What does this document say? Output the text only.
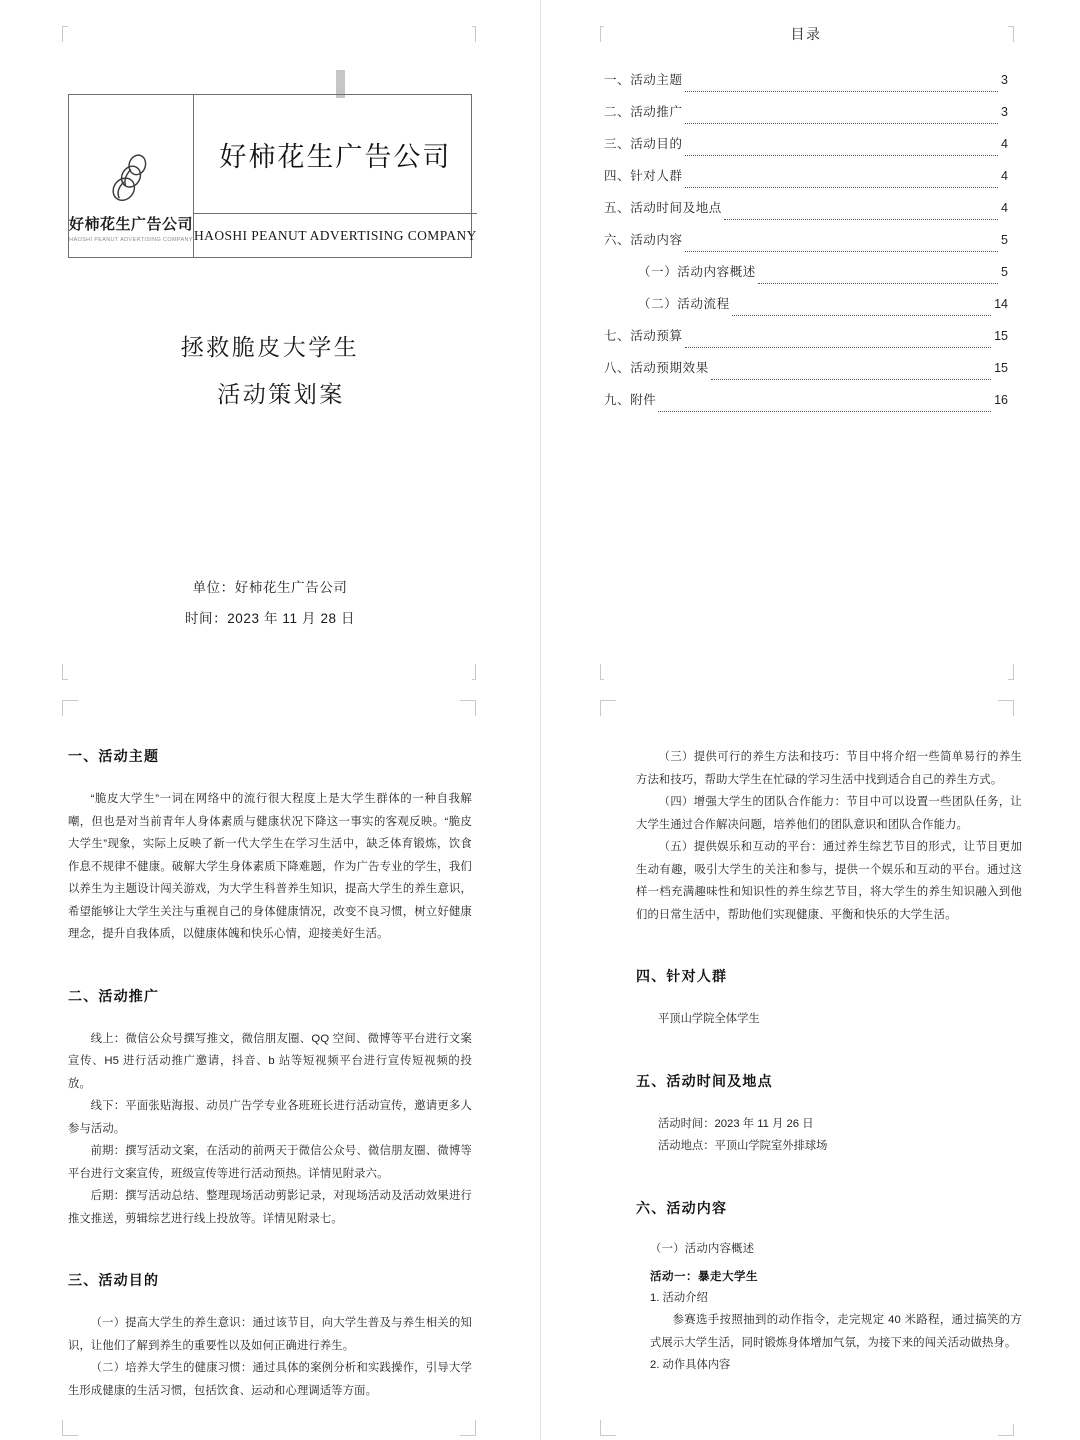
好柿花生广告公司
HAOSHI PEANUT ADVERTISING COMPANY
好柿花生广告公司
HAOSHI PEANUT ADVERTISING COMPANY
拯救脆皮大学生
活动策划案
单位：好柿花生广告公司
时间：2023 年 11 月 28 日
目录
一、活动主题	3
二、活动推广	3
三、活动目的	4
四、针对人群	4
五、活动时间及地点	4
六、活动内容	5
（一）活动内容概述	5
（二）活动流程	14
七、活动预算	15
八、活动预期效果	15
九、附件	16
一、活动主题

“脆皮大学生”一词在网络中的流行很大程度上是大学生群体的一种自我解嘲，但也是对当前青年人身体素质与健康状况下降这一事实的客观反映。“脆皮大学生”现象，实际上反映了新一代大学生在学习生活中，缺乏体育锻炼，饮食作息不规律不健康。破解大学生身体素质下降难题，作为广告专业的学生，我们以养生为主题设计闯关游戏，为大学生科普养生知识，提高大学生的养生意识，希望能够让大学生关注与重视自己的身体健康情况，改变不良习惯，树立好健康理念，提升自我体质，以健康体魄和快乐心情，迎接美好生活。

二、活动推广

线上：微信公众号撰写推文，微信朋友圈、QQ 空间、微博等平台进行文案宣传、H5 进行活动推广邀请，抖音、b 站等短视频平台进行宣传短视频的投放。

线下：平面张贴海报、动员广告学专业各班班长进行活动宣传，邀请更多人参与活动。

前期：撰写活动文案，在活动的前两天于微信公众号、微信朋友圈、微博等平台进行文案宣传，班级宣传等进行活动预热。详情见附录六。

后期：撰写活动总结、整理现场活动剪影记录，对现场活动及活动效果进行推文推送，剪辑综艺进行线上投放等。详情见附录七。

三、活动目的

（一）提高大学生的养生意识：通过该节目，向大学生普及与养生相关的知识，让他们了解到养生的重要性以及如何正确进行养生。

（二）培养大学生的健康习惯：通过具体的案例分析和实践操作，引导大学生形成健康的生活习惯，包括饮食、运动和心理调适等方面。

（三）提供可行的养生方法和技巧：节目中将介绍一些简单易行的养生方法和技巧，帮助大学生在忙碌的学习生活中找到适合自己的养生方式。

（四）增强大学生的团队合作能力：节目中可以设置一些团队任务，让大学生通过合作解决问题，培养他们的团队意识和团队合作能力。

（五）提供娱乐和互动的平台：通过养生综艺节目的形式，让节目更加生动有趣，吸引大学生的关注和参与，提供一个娱乐和互动的平台。通过这样一档充满趣味性和知识性的养生综艺节目，将大学生的养生知识融入到他们的日常生活中，帮助他们实现健康、平衡和快乐的大学生活。

四、针对人群

平顶山学院全体学生

五、活动时间及地点

活动时间：2023 年 11 月 26 日

活动地点：平顶山学院室外排球场

六、活动内容

（一）活动内容概述

活动一：暴走大学生

1. 活动介绍

参赛选手按照抽到的动作指令，走完规定 40 米路程，通过搞笑的方式展示大学生活，同时锻炼身体增加气氛，为接下来的闯关活动做热身。

2. 动作具体内容
